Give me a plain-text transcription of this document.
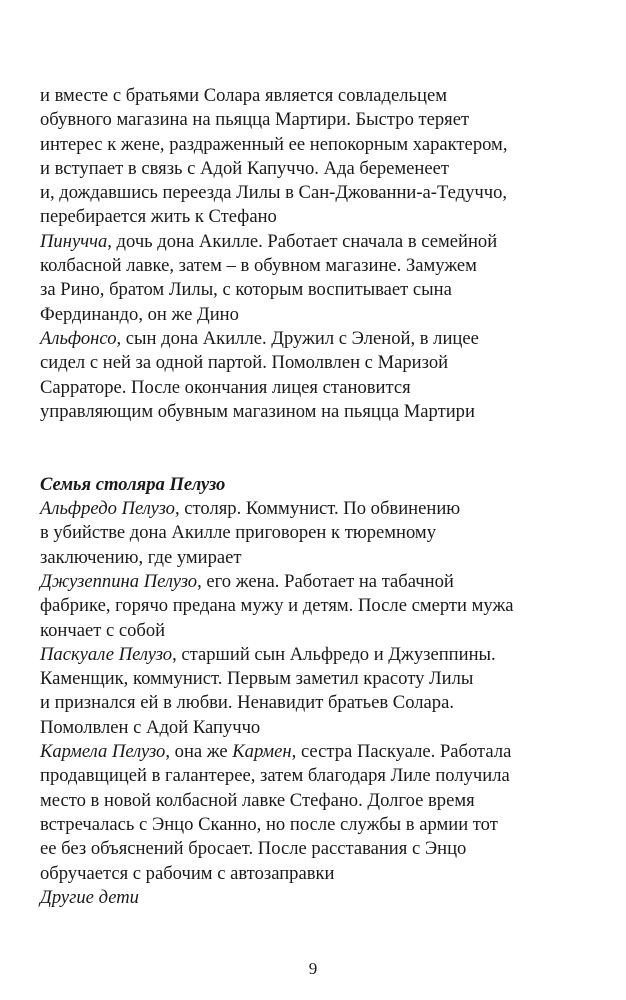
и вместе с братьями Солара является совладельцем
обувного магазина на пьяцца Мартири. Быстро теряет
интерес к жене, раздраженный ее непокорным характером,
и вступает в связь с Адой Капуччо. Ада беременеет
и, дождавшись переезда Лилы в Сан-Джованни-а-Тедуччо,
перебирается жить к Стефано
Пинучча, дочь дона Акилле. Работает сначала в семейной
колбасной лавке, затем – в обувном магазине. Замужем
за Рино, братом Лилы, с которым воспитывает сына
Фердинандо, он же Дино
Альфонсо, сын дона Акилле. Дружил с Эленой, в лицее
сидел с ней за одной партой. Помолвлен с Маризой
Сарраторе. После окончания лицея становится
управляющим обувным магазином на пьяцца Мартири
Семья столяра Пелузо
Альфредо Пелузо, столяр. Коммунист. По обвинению
в убийстве дона Акилле приговорен к тюремному
заключению, где умирает
Джузеппина Пелузо, его жена. Работает на табачной
фабрике, горячо предана мужу и детям. После смерти мужа
кончает с собой
Паскуале Пелузо, старший сын Альфредо и Джузеппины.
Каменщик, коммунист. Первым заметил красоту Лилы
и признался ей в любви. Ненавидит братьев Солара.
Помолвлен с Адой Капуччо
Кармела Пелузо, она же Кармен, сестра Паскуале. Работала
продавщицей в галантерее, затем благодаря Лиле получила
место в новой колбасной лавке Стефано. Долгое время
встречалась с Энцо Сканно, но после службы в армии тот
ее без объяснений бросает. После расставания с Энцо
обручается с рабочим с автозаправки
Другие дети
9
